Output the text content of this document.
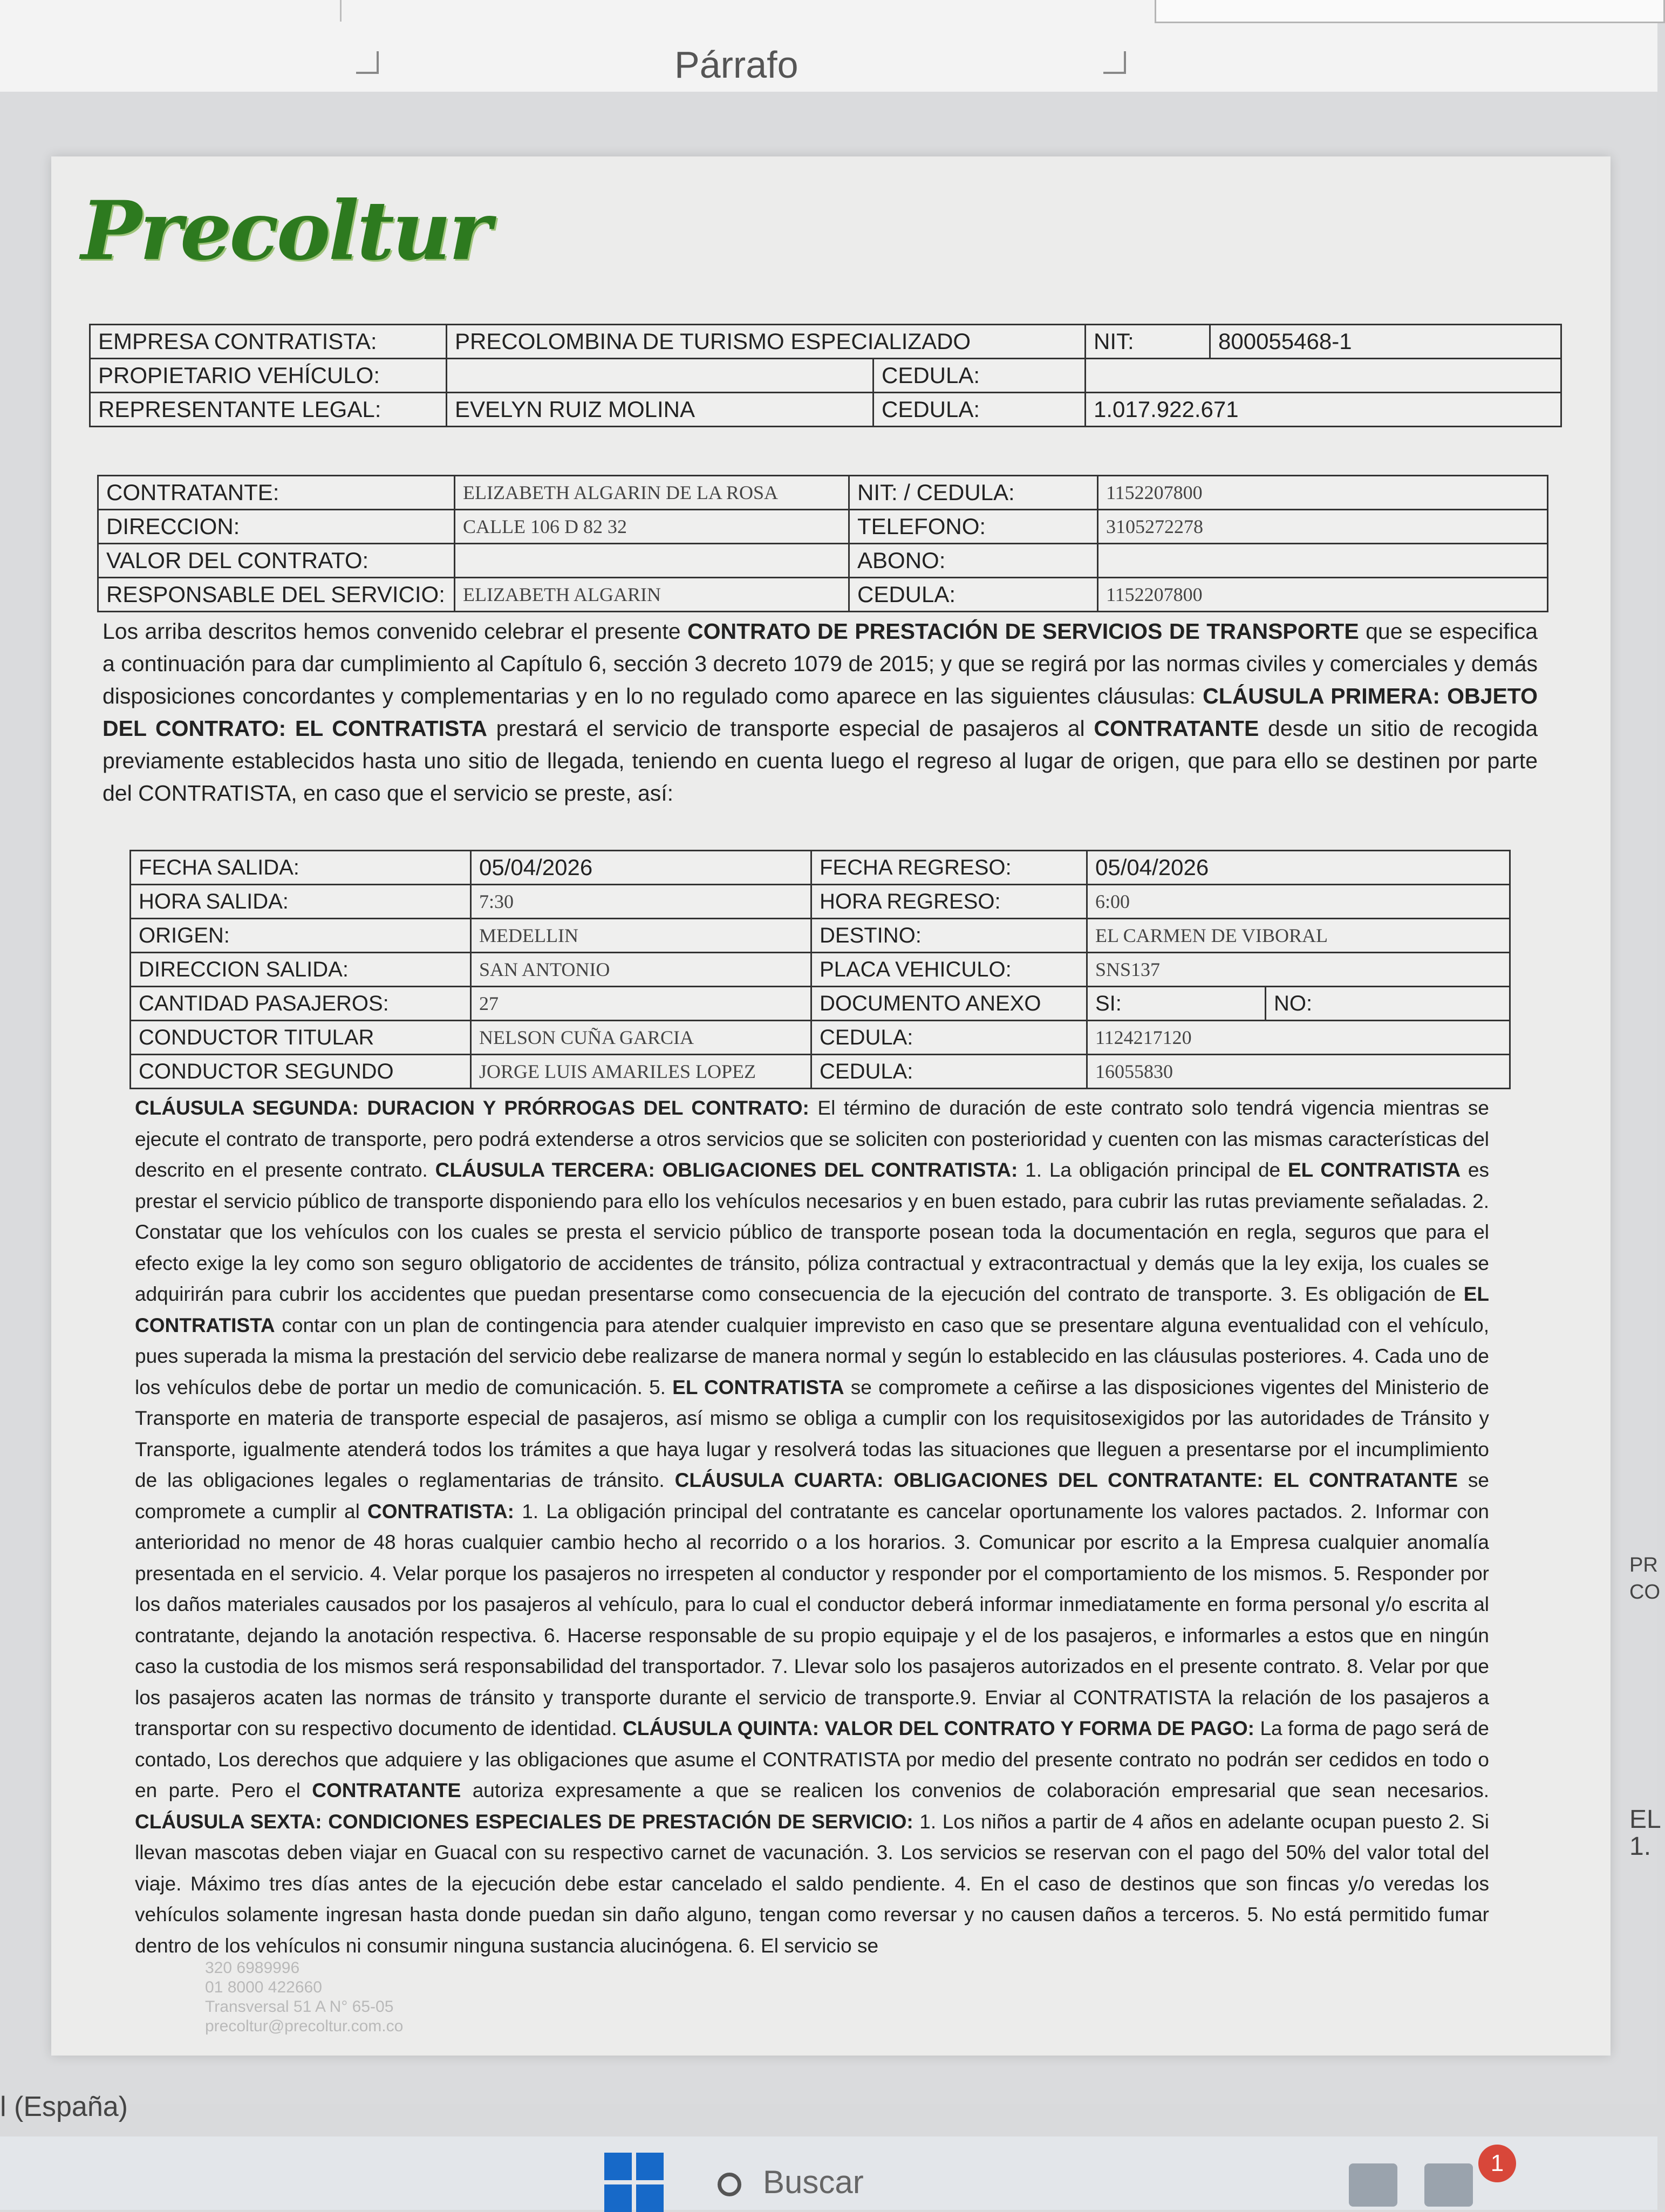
Párrafo
Precoltur
EMPRESA CONTRATISTA:	PRECOLOMBINA DE TURISMO ESPECIALIZADO		NIT:	800055468-1
PROPIETARIO VEHÍCULO:		CEDULA:		
REPRESENTANTE LEGAL:	EVELYN RUIZ MOLINA	CEDULA:	1.017.922.671	
CONTRATANTE:	ELIZABETH ALGARIN DE LA ROSA	NIT: / CEDULA:	1152207800
DIRECCION:	CALLE 106 D 82 32	TELEFONO:	3105272278
VALOR DEL CONTRATO:		ABONO:	
RESPONSABLE DEL SERVICIO:	ELIZABETH ALGARIN	CEDULA:	1152207800
Los arriba descritos hemos convenido celebrar el presente CONTRATO DE PRESTACIÓN DE SERVICIOS DE TRANSPORTE que se especifica a continuación para dar cumplimiento al Capítulo 6, sección 3 decreto 1079 de 2015; y que se regirá por las normas civiles y comerciales y demás disposiciones concordantes y complementarias y en lo no regulado como aparece en las siguientes cláusulas: CLÁUSULA PRIMERA: OBJETO DEL CONTRATO: EL CONTRATISTA prestará el servicio de transporte especial de pasajeros al CONTRATANTE desde un sitio de recogida previamente establecidos hasta uno sitio de llegada, teniendo en cuenta luego el regreso al lugar de origen, que para ello se destinen por parte del CONTRATISTA, en caso que el servicio se preste, así:
FECHA SALIDA:	05/04/2026	FECHA REGRESO:	05/04/2026	
HORA SALIDA:	7:30	HORA REGRESO:	6:00	
ORIGEN:	MEDELLIN	DESTINO:	EL CARMEN DE VIBORAL	
DIRECCION SALIDA:	SAN ANTONIO	PLACA VEHICULO:	SNS137	
CANTIDAD PASAJEROS:	27	DOCUMENTO ANEXO	SI:	NO:
CONDUCTOR TITULAR	NELSON CUÑA GARCIA	CEDULA:	1124217120	
CONDUCTOR SEGUNDO	JORGE LUIS AMARILES LOPEZ	CEDULA:	16055830	
CLÁUSULA SEGUNDA: DURACION Y PRÓRROGAS DEL CONTRATO: El término de duración de este contrato solo tendrá vigencia mientras se ejecute el contrato de transporte, pero podrá extenderse a otros servicios que se soliciten con posterioridad y cuenten con las mismas características del descrito en el presente contrato. CLÁUSULA TERCERA: OBLIGACIONES DEL CONTRATISTA: 1. La obligación principal de EL CONTRATISTA es prestar el servicio público de transporte disponiendo para ello los vehículos necesarios y en buen estado, para cubrir las rutas previamente señaladas. 2. Constatar que los vehículos con los cuales se presta el servicio público de transporte posean toda la documentación en regla, seguros que para el efecto exige la ley como son seguro obligatorio de accidentes de tránsito, póliza contractual y extracontractual y demás que la ley exija, los cuales se adquirirán para cubrir los accidentes que puedan presentarse como consecuencia de la ejecución del contrato de transporte. 3. Es obligación de EL CONTRATISTA contar con un plan de contingencia para atender cualquier imprevisto en caso que se presentare alguna eventualidad con el vehículo, pues superada la misma la prestación del servicio debe realizarse de manera normal y según lo establecido en las cláusulas posteriores. 4. Cada uno de los vehículos debe de portar un medio de comunicación. 5. EL CONTRATISTA se compromete a ceñirse a las disposiciones vigentes del Ministerio de Transporte en materia de transporte especial de pasajeros, así mismo se obliga a cumplir con los requisitosexigidos por las autoridades de Tránsito y Transporte, igualmente atenderá todos los trámites a que haya lugar y resolverá todas las situaciones que lleguen a presentarse por el incumplimiento de las obligaciones legales o reglamentarias de tránsito. CLÁUSULA CUARTA: OBLIGACIONES DEL CONTRATANTE: EL CONTRATANTE se compromete a cumplir al CONTRATISTA: 1. La obligación principal del contratante es cancelar oportunamente los valores pactados. 2. Informar con anterioridad no menor de 48 horas cualquier cambio hecho al recorrido o a los horarios. 3. Comunicar por escrito a la Empresa cualquier anomalía presentada en el servicio. 4. Velar porque los pasajeros no irrespeten al conductor y responder por el comportamiento de los mismos. 5. Responder por los daños materiales causados por los pasajeros al vehículo, para lo cual el conductor deberá informar inmediatamente en forma personal y/o escrita al contratante, dejando la anotación respectiva. 6. Hacerse responsable de su propio equipaje y el de los pasajeros, e informarles a estos que en ningún caso la custodia de los mismos será responsabilidad del transportador. 7. Llevar solo los pasajeros autorizados en el presente contrato. 8. Velar por que los pasajeros acaten las normas de tránsito y transporte durante el servicio de transporte.9. Enviar al CONTRATISTA la relación de los pasajeros a transportar con su respectivo documento de identidad. CLÁUSULA QUINTA: VALOR DEL CONTRATO Y FORMA DE PAGO: La forma de pago será de contado, Los derechos que adquiere y las obligaciones que asume el CONTRATISTA por medio del presente contrato no podrán ser cedidos en todo o en parte. Pero el CONTRATANTE autoriza expresamente a que se realicen los convenios de colaboración empresarial que sean necesarios. CLÁUSULA SEXTA: CONDICIONES ESPECIALES DE PRESTACIÓN DE SERVICIO: 1. Los niños a partir de 4 años en adelante ocupan puesto 2. Si llevan mascotas deben viajar en Guacal con su respectivo carnet de vacunación. 3. Los servicios se reservan con el pago del 50% del valor total del viaje. Máximo tres días antes de la ejecución debe estar cancelado el saldo pendiente. 4. En el caso de destinos que son fincas y/o veredas los vehículos solamente ingresan hasta donde puedan sin daño alguno, tengan como reversar y no causen daños a terceros. 5. No está permitido fumar dentro de los vehículos ni consumir ninguna sustancia alucinógena. 6. El servicio se
320 6989996
01 8000 422660
Transversal 51 A N° 65-05
precoltur@precoltur.com.co
PR
CO
EL
1.
l (España)
Buscar
1
